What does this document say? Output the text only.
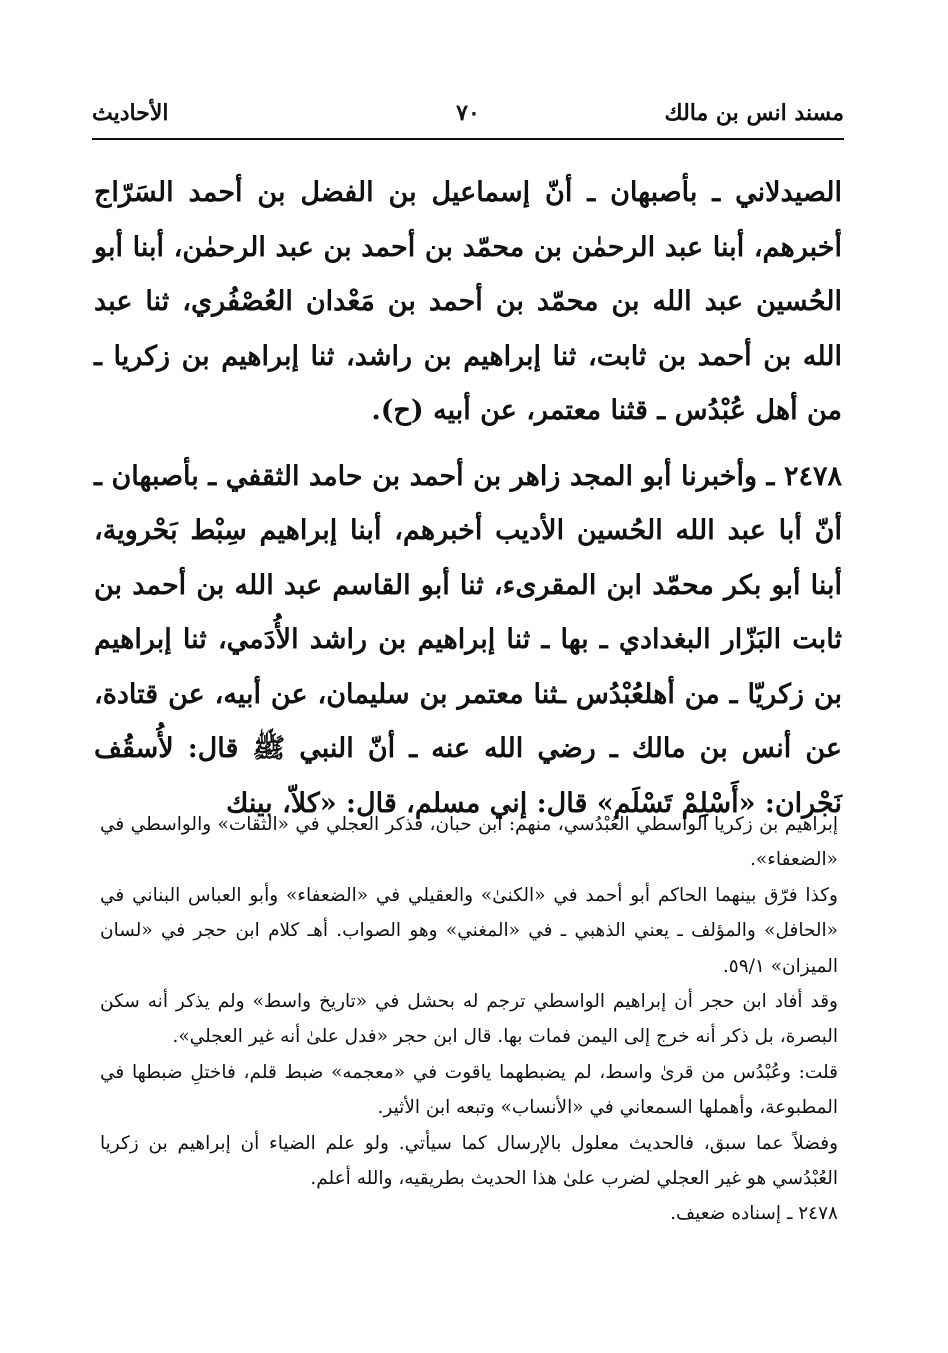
مسند انس بن مالك
٧٠
الأحاديث

الصيدلاني ـ بأصبهان ـ أنّ إسماعيل بن الفضل بن أحمد السَرّاج أخبرهم، أبنا عبد الرحمٰن بن محمّد بن أحمد بن عبد الرحمٰن، أبنا أبو الحُسين عبد الله بن محمّد بن أحمد بن مَعْدان العُصْفُري، ثنا عبد الله بن أحمد بن ثابت، ثنا إبراهيم بن راشد، ثنا إبراهيم بن زكريا ـ من أهل عُبْدُس ـ قثنا معتمر، عن أبيه (ح).

٢٤٧٨ ـ وأخبرنا أبو المجد زاهر بن أحمد بن حامد الثقفي ـ بأصبهان ـ أنّ أبا عبد الله الحُسين الأديب أخبرهم، أبنا إبراهيم سِبْط بَحْروية، أبنا أبو بكر محمّد ابن المقرىء، ثنا أبو القاسم عبد الله بن أحمد بن ثابت البَزّار البغدادي ـ بها ـ ثنا إبراهيم بن راشد الأُدَمي، ثنا إبراهيم بن زكريّا ـ من أهلعُبْدُس ـثنا معتمر بن سليمان، عن أبيه، عن قتادة، عن أنس بن مالك ـ رضي الله عنه ـ أنّ النبي ﷺ قال: لأُسقُف نَجْران: «أَسْلِمْ تَسْلَم» قال: إني مسلم، قال: «كلاّ، بينك

إبراهيم بن زكريا الواسطي العُبْدُسي، منهم: ابن حبان، فذكر العجلي في «الثقات» والواسطي في «الضعفاء».

وكذا فرّق بينهما الحاكم أبو أحمد في «الكنىٰ» والعقيلي في «الضعفاء» وأبو العباس البناني في «الحافل» والمؤلف ـ يعني الذهبي ـ في «المغني» وهو الصواب. أهـ كلام ابن حجر في «لسان الميزان» ٥٩/١.

وقد أفاد ابن حجر أن إبراهيم الواسطي ترجم له بحشل في «تاريخ واسط» ولم يذكر أنه سكن البصرة، بل ذكر أنه خرج إلى اليمن فمات بها. قال ابن حجر «فدل علىٰ أنه غير العجلي».

قلت: وعُبْدُس من قرىٰ واسط، لم يضبطهما ياقوت في «معجمه» ضبط قلم، فاختلِ ضبطها في المطبوعة، وأهملها السمعاني في «الأنساب» وتبعه ابن الأثير.

وفضلاً عما سبق، فالحديث معلول بالإرسال كما سيأتي. ولو علم الضياء أن إبراهيم بن زكريا العُبْدُسي هو غير العجلي لضرب علىٰ هذا الحديث بطريقيه، والله أعلم.

٢٤٧٨ ـ إسناده ضعيف.
